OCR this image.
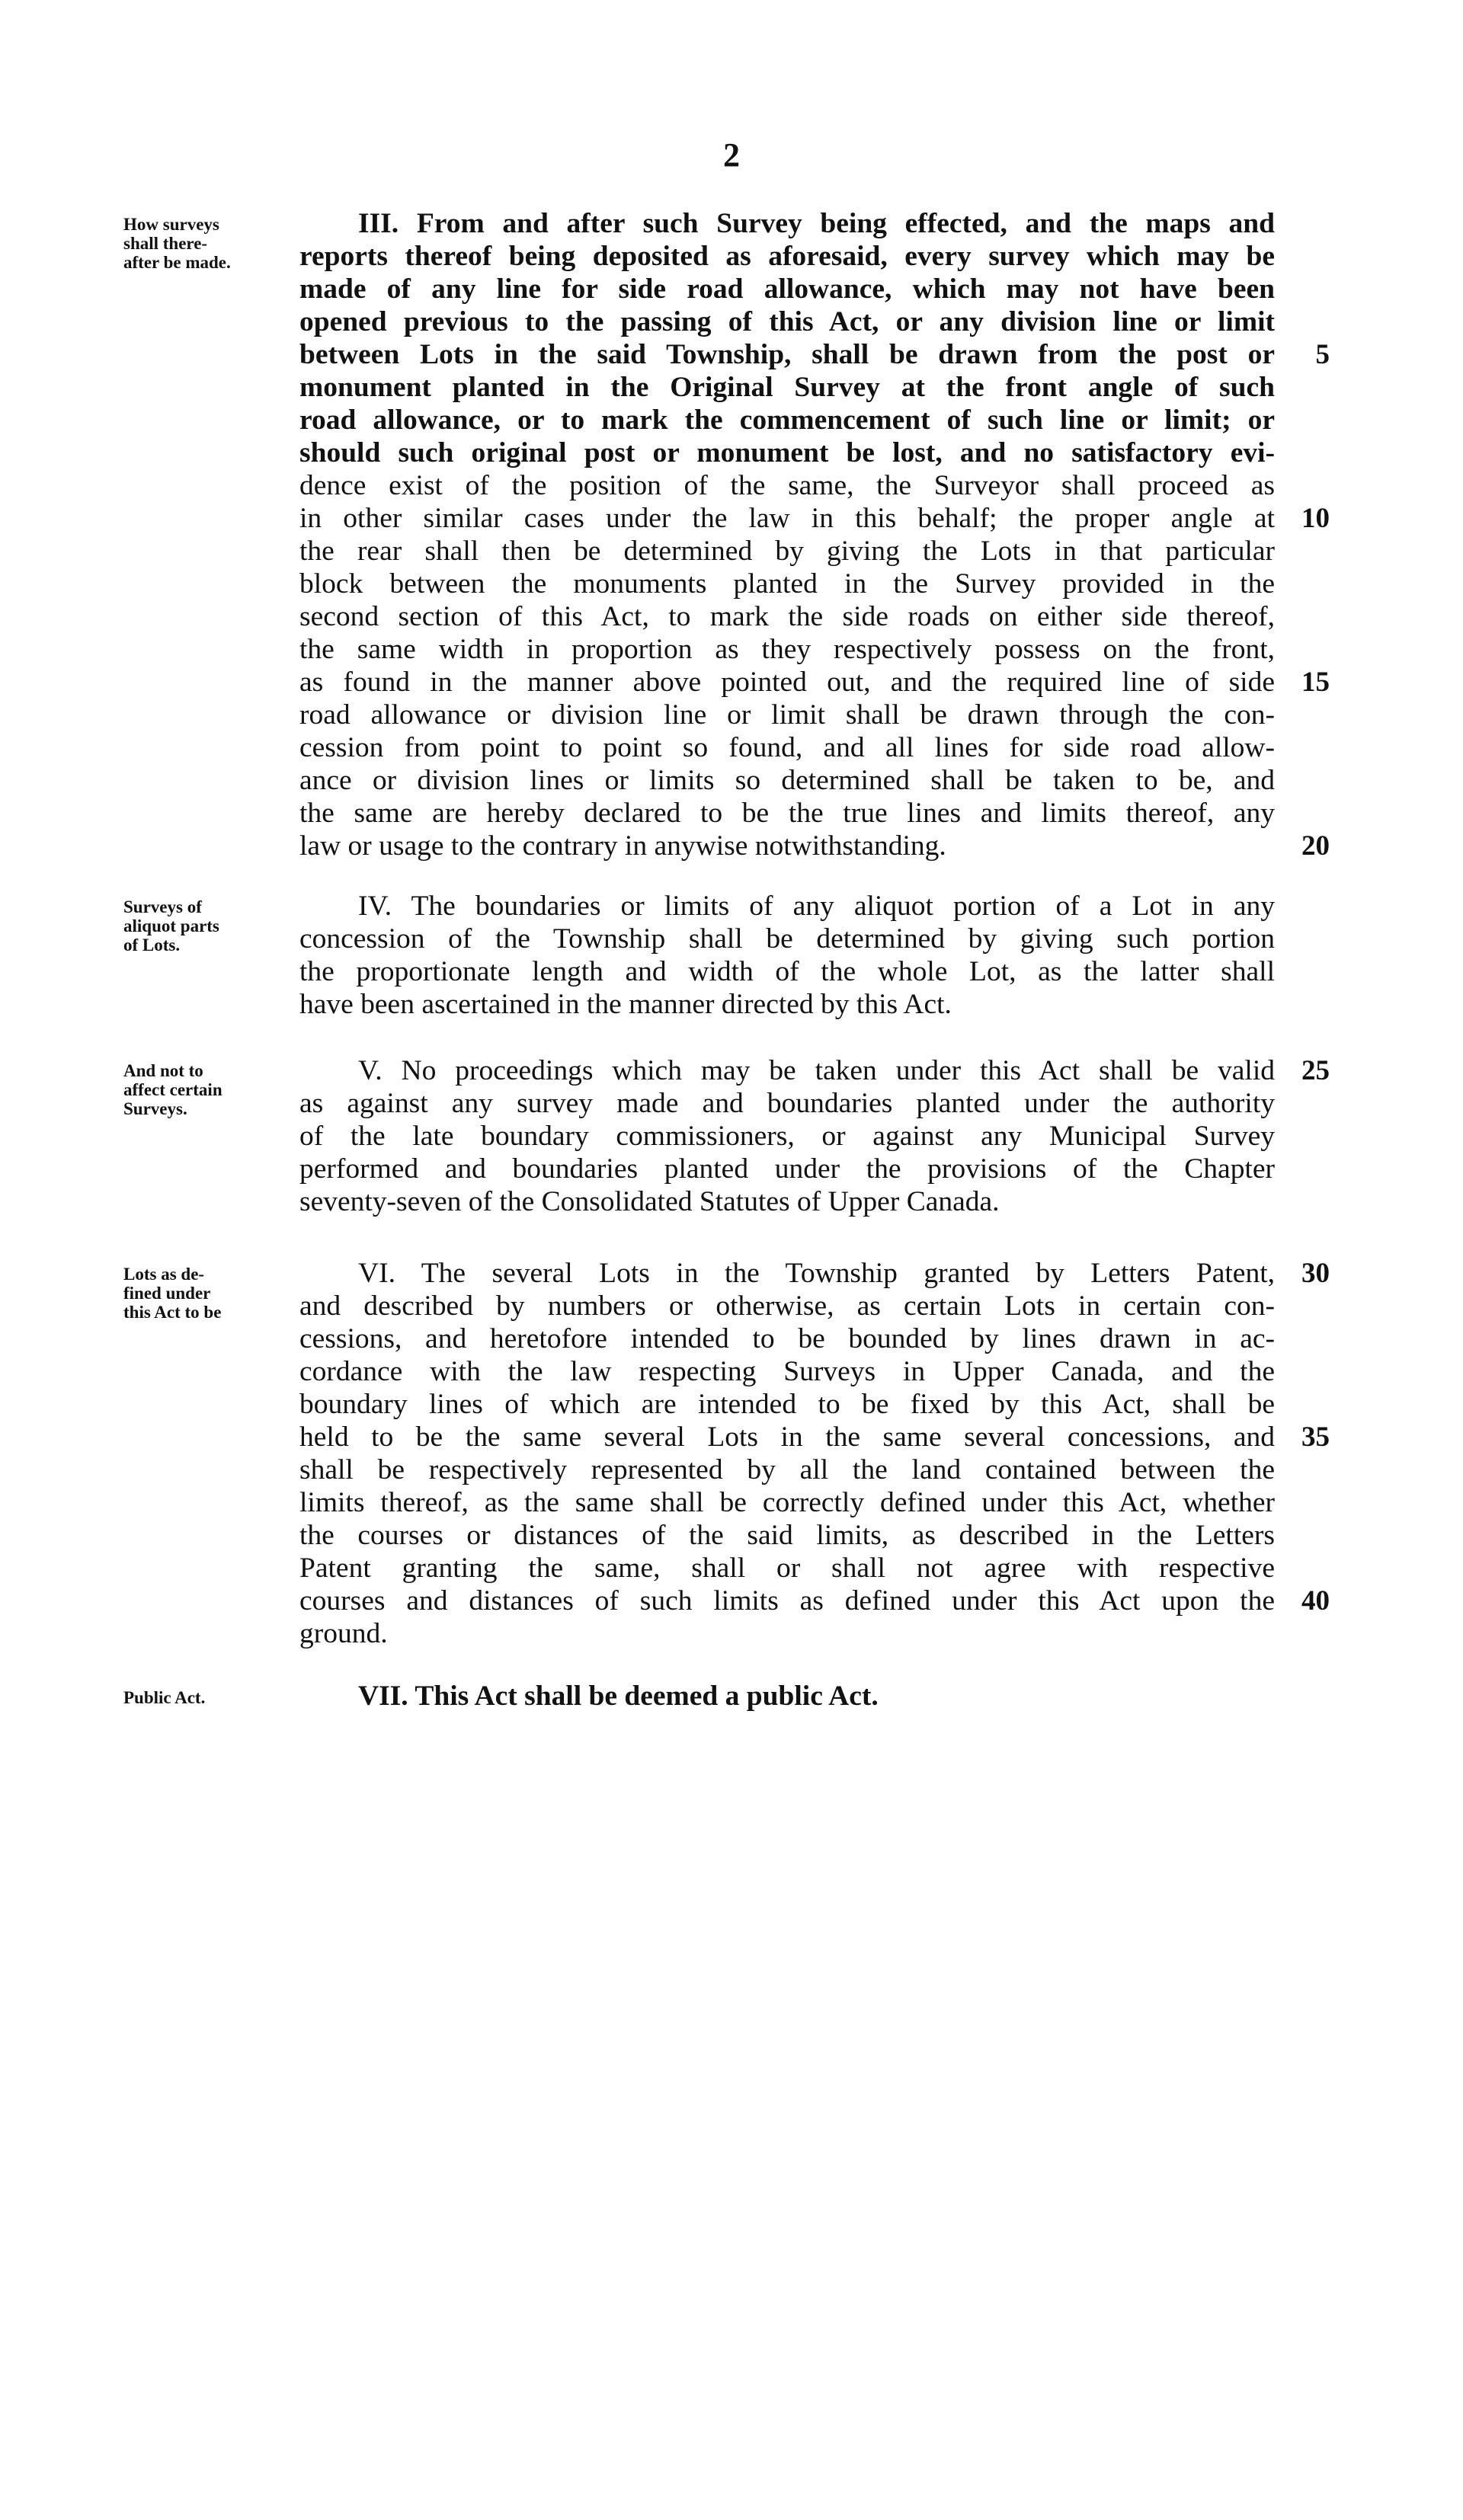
2
How surveys
shall there-
after be made.
III. From and after such Survey being effected, and the maps and
reports thereof being deposited as aforesaid, every survey which may be
made of any line for side road allowance, which may not have been
opened previous to the passing of this Act, or any division line or limit
between Lots in the said Township, shall be drawn from the post or
monument planted in the Original Survey at the front angle of such
road allowance, or to mark the commencement of such line or limit; or
should such original post or monument be lost, and no satisfactory evi-
dence exist of the position of the same, the Surveyor shall proceed as
in other similar cases under the law in this behalf; the proper angle at
the rear shall then be determined by giving the Lots in that particular
block between the monuments planted in the Survey provided in the
second section of this Act, to mark the side roads on either side thereof,
the same width in proportion as they respectively possess on the front,
as found in the manner above pointed out, and the required line of side
road allowance or division line or limit shall be drawn through the con-
cession from point to point so found, and all lines for side road allow-
ance or division lines or limits so determined shall be taken to be, and
the same are hereby declared to be the true lines and limits thereof, any
law or usage to the contrary in anywise notwithstanding.
5
10
15
20
Surveys of
aliquot parts
of Lots.
IV. The boundaries or limits of any aliquot portion of a Lot in any
concession of the Township shall be determined by giving such portion
the proportionate length and width of the whole Lot, as the latter shall
have been ascertained in the manner directed by this Act.
And not to
affect certain
Surveys.
V. No proceedings which may be taken under this Act shall be valid
as against any survey made and boundaries planted under the authority
of the late boundary commissioners, or against any Municipal Survey
performed and boundaries planted under the provisions of the Chapter
seventy-seven of the Consolidated Statutes of Upper Canada.
25
Lots as de-
fined under
this Act to be
VI. The several Lots in the Township granted by Letters Patent,
and described by numbers or otherwise, as certain Lots in certain con-
cessions, and heretofore intended to be bounded by lines drawn in ac-
cordance with the law respecting Surveys in Upper Canada, and the
boundary lines of which are intended to be fixed by this Act, shall be
held to be the same several Lots in the same several concessions, and
shall be respectively represented by all the land contained between the
limits thereof, as the same shall be correctly defined under this Act, whether
the courses or distances of the said limits, as described in the Letters
Patent granting the same, shall or shall not agree with respective
courses and distances of such limits as defined under this Act upon the
ground.
30
35
40
Public Act.	VII. This Act shall be deemed a public Act.
